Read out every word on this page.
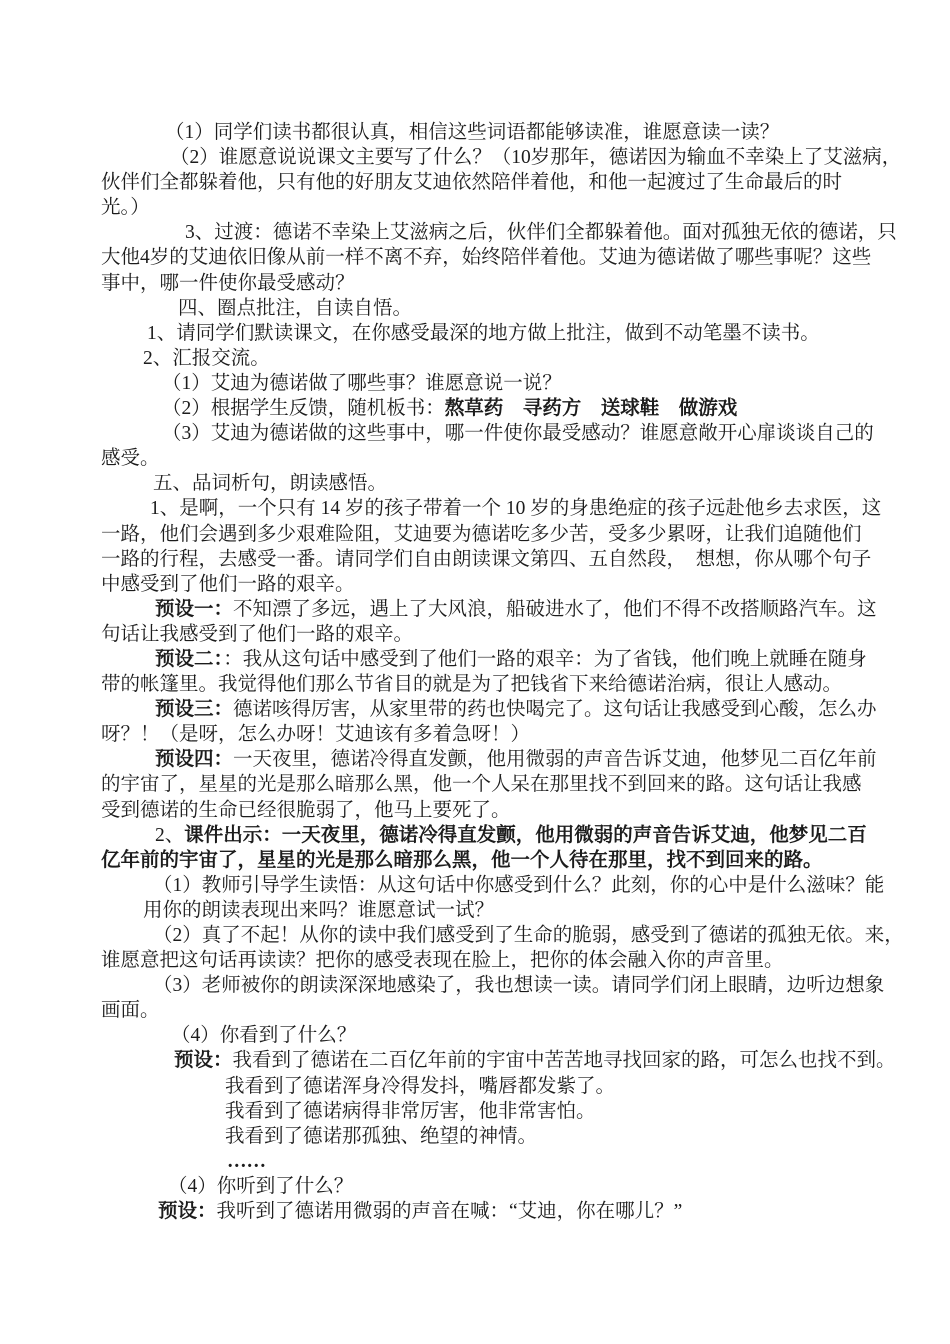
（1）同学们读书都很认真，相信这些词语都能够读准，谁愿意读一读？
（2）谁愿意说说课文主要写了什么？（10岁那年，德诺因为输血不幸染上了艾滋病，
伙伴们全都躲着他，只有他的好朋友艾迪依然陪伴着他，和他一起渡过了生命最后的时
光。）
3、过渡：德诺不幸染上艾滋病之后，伙伴们全都躲着他。面对孤独无依的德诺，只
大他4岁的艾迪依旧像从前一样不离不弃，始终陪伴着他。艾迪为德诺做了哪些事呢？这些
事中，哪一件使你最受感动？
四、圈点批注，自读自悟。
1、请同学们默读课文，在你感受最深的地方做上批注，做到不动笔墨不读书。
2、汇报交流。
（1）艾迪为德诺做了哪些事？谁愿意说一说？
（2）根据学生反馈，随机板书：熬草药　寻药方　送球鞋　做游戏
（3）艾迪为德诺做的这些事中，哪一件使你最受感动？谁愿意敞开心扉谈谈自己的
感受。
五、品词析句，朗读感悟。
1、是啊，一个只有 14 岁的孩子带着一个 10 岁的身患绝症的孩子远赴他乡去求医，这
一路，他们会遇到多少艰难险阻，艾迪要为德诺吃多少苦，受多少累呀，让我们追随他们
一路的行程，去感受一番。请同学们自由朗读课文第四、五自然段，　想想，你从哪个句子
中感受到了他们一路的艰辛。
预设一：不知漂了多远，遇上了大风浪，船破进水了，他们不得不改搭顺路汽车。这
句话让我感受到了他们一路的艰辛。
预设二：：我从这句话中感受到了他们一路的艰辛：为了省钱，他们晚上就睡在随身
带的帐篷里。我觉得他们那么节省目的就是为了把钱省下来给德诺治病，很让人感动。
预设三：德诺咳得厉害，从家里带的药也快喝完了。这句话让我感受到心酸，怎么办
呀？！（是呀，怎么办呀！艾迪该有多着急呀！）
预设四：一天夜里，德诺冷得直发颤，他用微弱的声音告诉艾迪，他梦见二百亿年前
的宇宙了，星星的光是那么暗那么黑，他一个人呆在那里找不到回来的路。这句话让我感
受到德诺的生命已经很脆弱了，他马上要死了。
2、课件出示：一天夜里，德诺冷得直发颤，他用微弱的声音告诉艾迪，他梦见二百
亿年前的宇宙了，星星的光是那么暗那么黑，他一个人待在那里，找不到回来的路。
（1）教师引导学生读悟：从这句话中你感受到什么？此刻，你的心中是什么滋味？能
用你的朗读表现出来吗？谁愿意试一试？
（2）真了不起！从你的读中我们感受到了生命的脆弱，感受到了德诺的孤独无依。来，
谁愿意把这句话再读读？把你的感受表现在脸上，把你的体会融入你的声音里。
（3）老师被你的朗读深深地感染了，我也想读一读。请同学们闭上眼睛，边听边想象
画面。
（4）你看到了什么？
预设：我看到了德诺在二百亿年前的宇宙中苦苦地寻找回家的路，可怎么也找不到。
我看到了德诺浑身冷得发抖，嘴唇都发紫了。
我看到了德诺病得非常厉害，他非常害怕。
我看到了德诺那孤独、绝望的神情。
……
（4）你听到了什么？
预设：我听到了德诺用微弱的声音在喊：“艾迪，你在哪儿？”
